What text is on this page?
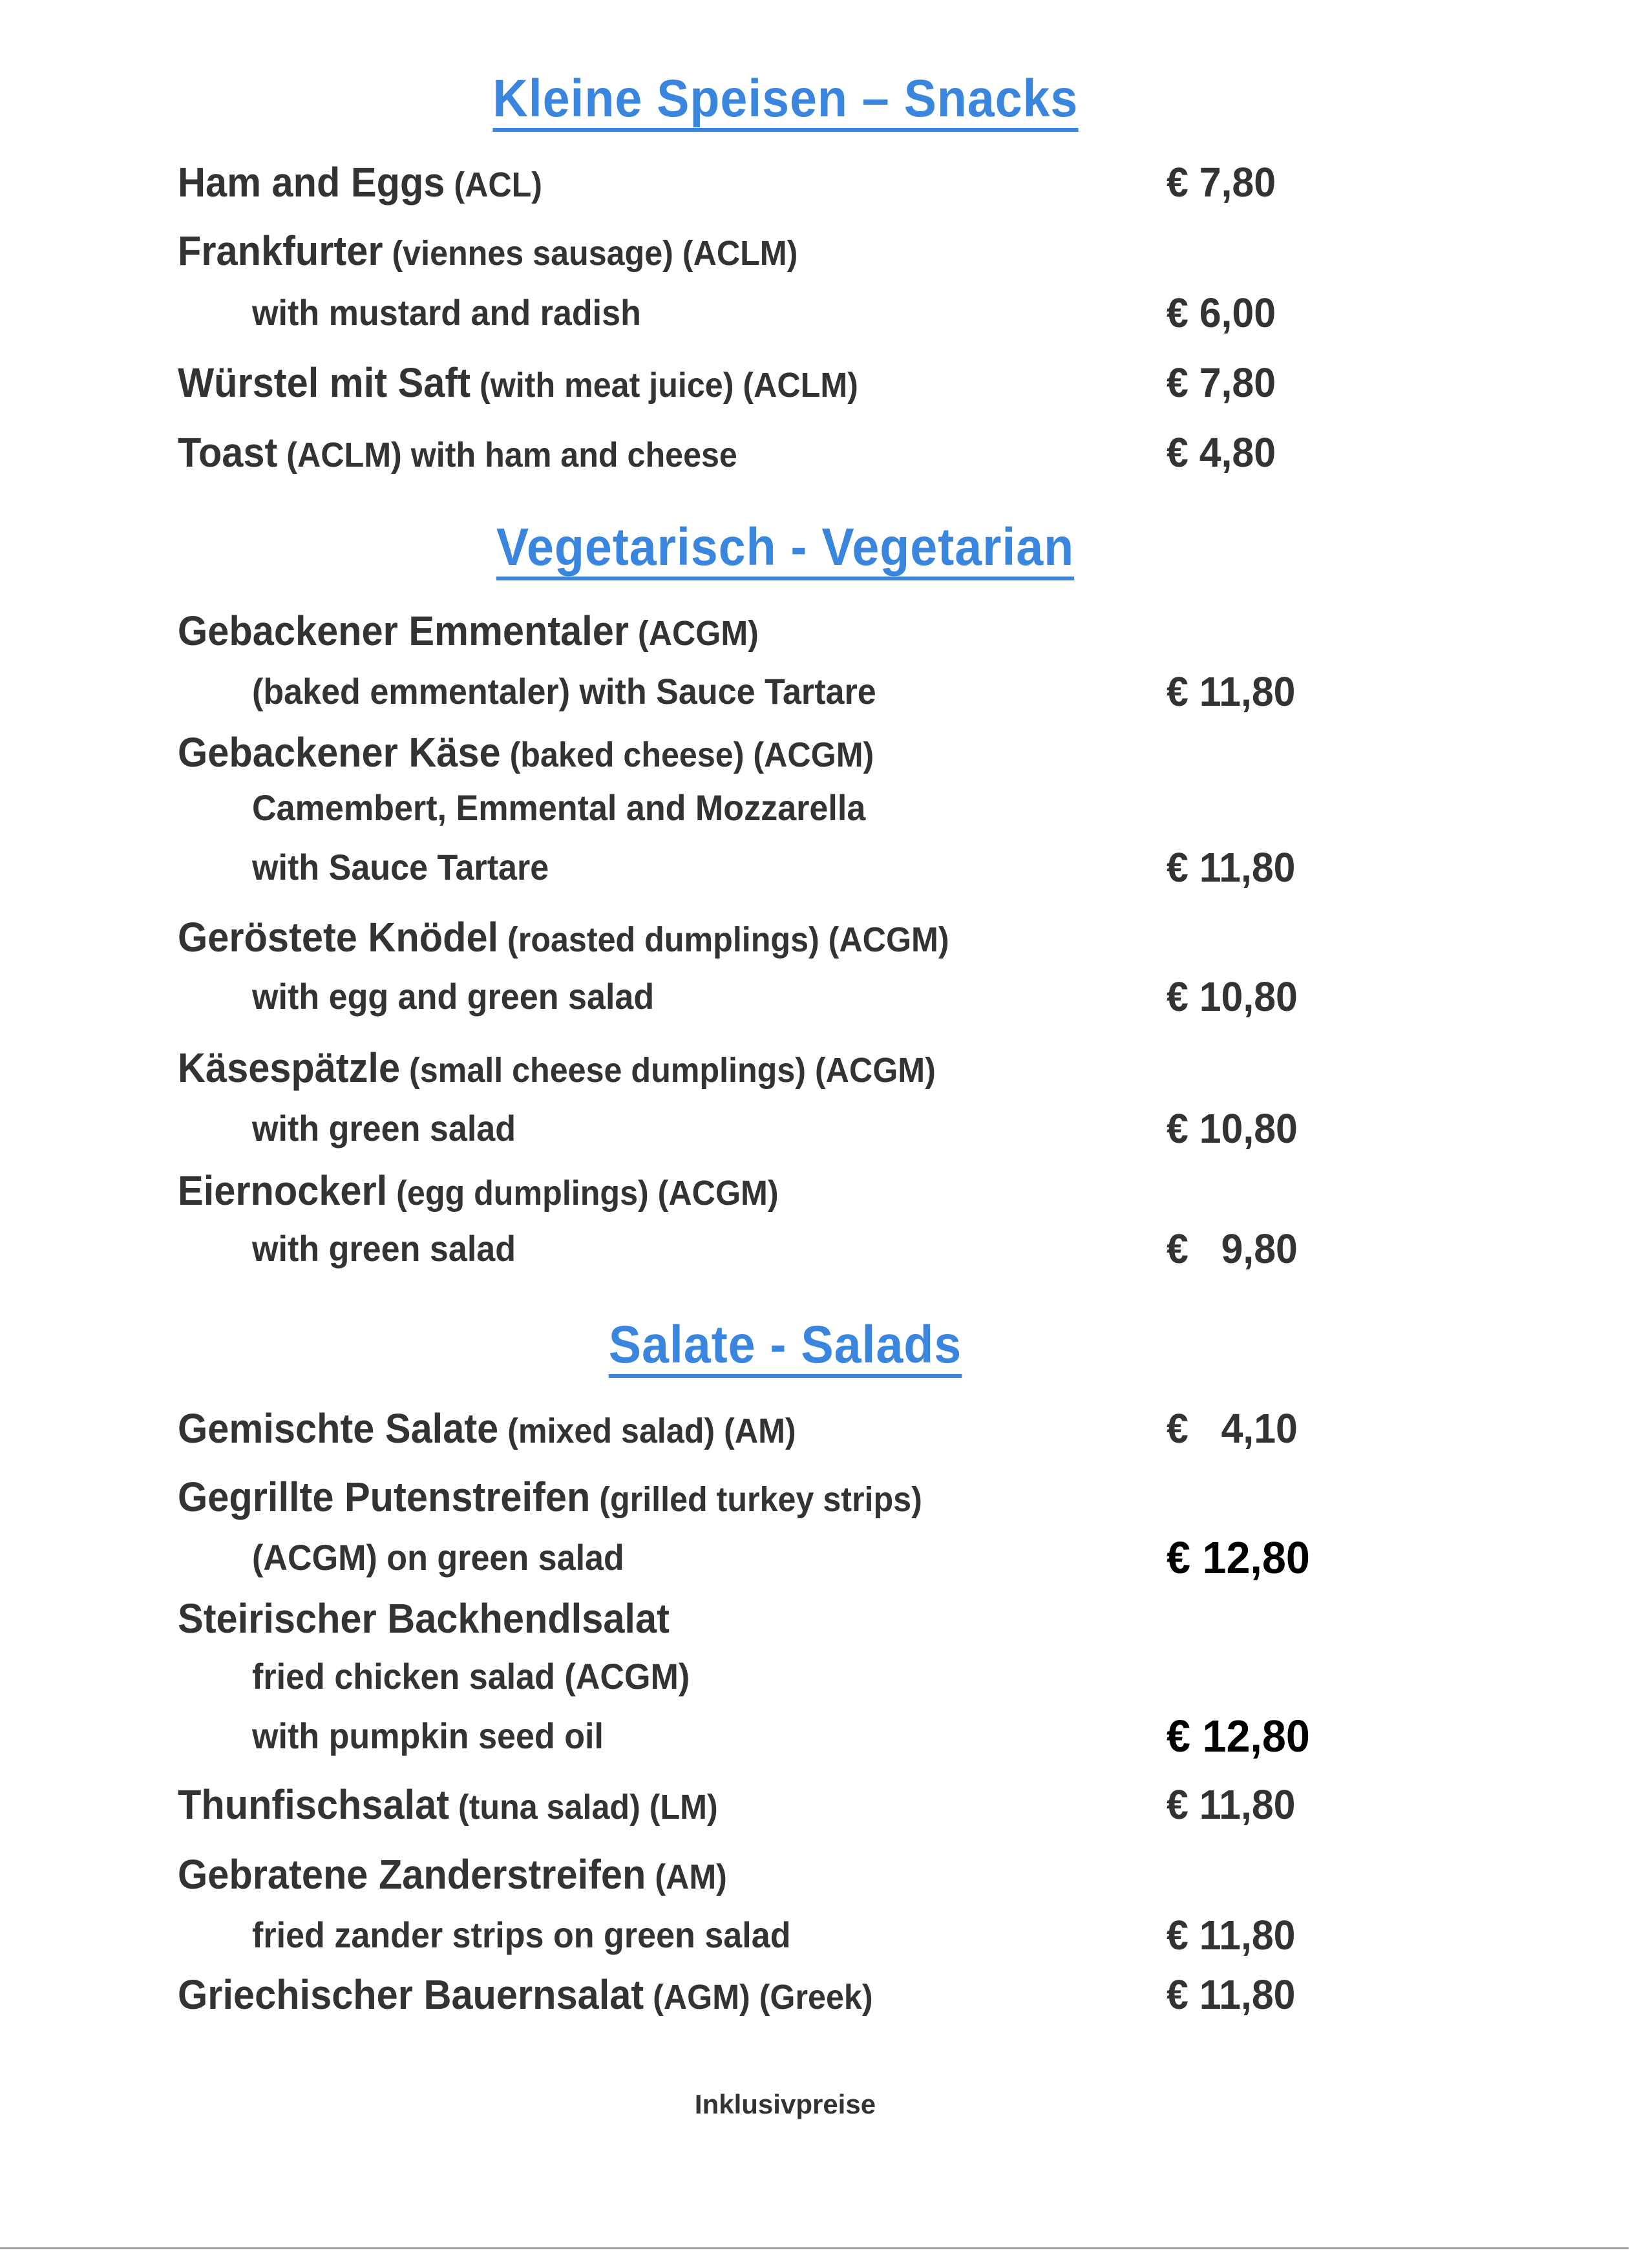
Kleine Speisen – Snacks
Ham and Eggs (ACL)	€ 7,80
Frankfurter (viennes sausage) (ACLM)
with mustard and radish	€ 6,00
Würstel mit Saft (with meat juice) (ACLM)	€ 7,80
Toast (ACLM) with ham and cheese	€ 4,80
Vegetarisch - Vegetarian
Gebackener Emmentaler (ACGM)
(baked emmentaler) with Sauce Tartare	€ 11,80
Gebackener Käse (baked cheese) (ACGM)
Camembert, Emmental and Mozzarella
with Sauce Tartare	€ 11,80
Geröstete Knödel (roasted dumplings) (ACGM)
with egg and green salad	€ 10,80
Käsespätzle (small cheese dumplings) (ACGM)
with green salad	€ 10,80
Eiernockerl (egg dumplings) (ACGM)
with green salad	€   9,80
Salate - Salads
Gemischte Salate (mixed salad) (AM)	€   4,10
Gegrillte Putenstreifen (grilled turkey strips)
(ACGM) on green salad	€ 12,80
Steirischer Backhendlsalat
fried chicken salad (ACGM)
with pumpkin seed oil	€ 12,80
Thunfischsalat (tuna salad) (LM)	€ 11,80
Gebratene Zanderstreifen (AM)
fried zander strips on green salad	€ 11,80
Griechischer Bauernsalat (AGM) (Greek)	€ 11,80
Inklusivpreise
